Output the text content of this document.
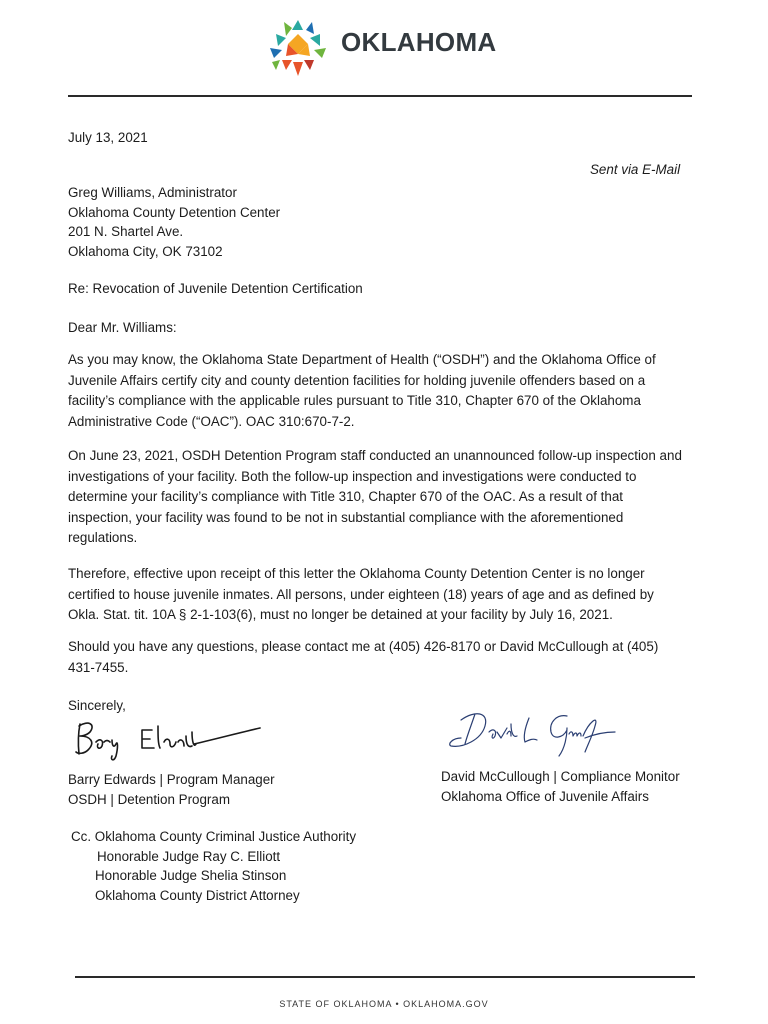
OKLAHOMA
July 13, 2021
Sent via E-Mail
Greg Williams, Administrator
Oklahoma County Detention Center
201 N. Shartel Ave.
Oklahoma City, OK 73102
Re: Revocation of Juvenile Detention Certification
Dear Mr. Williams:
As you may know, the Oklahoma State Department of Health (“OSDH”) and the Oklahoma Office of Juvenile Affairs certify city and county detention facilities for holding juvenile offenders based on a facility’s compliance with the applicable rules pursuant to Title 310, Chapter 670 of the Oklahoma Administrative Code (“OAC”). OAC 310:670-7-2.
On June 23, 2021, OSDH Detention Program staff conducted an unannounced follow-up inspection and investigations of your facility. Both the follow-up inspection and investigations were conducted to determine your facility’s compliance with Title 310, Chapter 670 of the OAC. As a result of that inspection, your facility was found to be not in substantial compliance with the aforementioned regulations.
Therefore, effective upon receipt of this letter the Oklahoma County Detention Center is no longer certified to house juvenile inmates. All persons, under eighteen (18) years of age and as defined by Okla. Stat. tit. 10A § 2-1-103(6), must no longer be detained at your facility by July 16, 2021.
Should you have any questions, please contact me at (405) 426-8170 or David McCullough at (405) 431-7455.
Sincerely,
Barry Edwards | Program Manager
OSDH | Detention Program
David McCullough | Compliance Monitor
Oklahoma Office of Juvenile Affairs
Cc. Oklahoma County Criminal Justice Authority
Honorable Judge Ray C. Elliott
Honorable Judge Shelia Stinson
Oklahoma County District Attorney
STATE OF OKLAHOMA • OKLAHOMA.GOV
